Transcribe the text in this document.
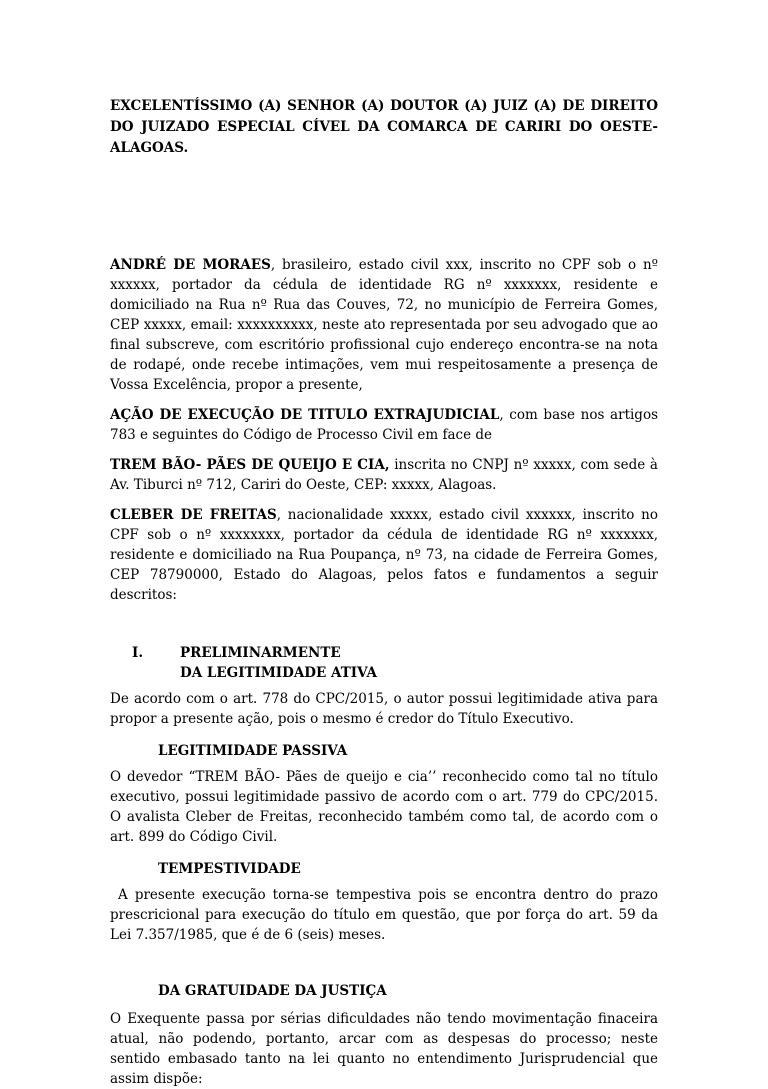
EXCELENTÍSSIMO (A) SENHOR (A) DOUTOR (A) JUIZ (A) DE DIREITO DO JUIZADO ESPECIAL CÍVEL DA COMARCA DE CARIRI DO OESTE- ALAGOAS.

ANDRÉ DE MORAES, brasileiro, estado civil xxx, inscrito no CPF sob o nº xxxxxx, portador da cédula de identidade RG nº xxxxxxx, residente e domiciliado na Rua nº Rua das Couves, 72, no município de Ferreira Gomes, CEP xxxxx, email: xxxxxxxxxx, neste ato representada por seu advogado que ao final subscreve, com escritório profissional cujo endereço encontra-se na nota de rodapé, onde recebe intimações, vem mui respeitosamente a presença de Vossa Excelência, propor a presente,

AÇÃO DE EXECUÇÃO DE TITULO EXTRAJUDICIAL, com base nos artigos 783 e seguintes do Código de Processo Civil em face de

TREM BÃO- PÃES DE QUEIJO E CIA, inscrita no CNPJ nº xxxxx, com sede à Av. Tiburci nº 712, Cariri do Oeste, CEP: xxxxx, Alagoas.

CLEBER DE FREITAS, nacionalidade xxxxx, estado civil xxxxxx, inscrito no CPF sob o nº xxxxxxxx, portador da cédula de identidade RG nº xxxxxxx, residente e domiciliado na Rua Poupança, nº 73, na cidade de Ferreira Gomes, CEP 78790000, Estado do Alagoas, pelos fatos e fundamentos a seguir descritos:

I.	PRELIMINARMENTE
DA LEGITIMIDADE ATIVA

De acordo com o art. 778 do CPC/2015, o autor possui legitimidade ativa para propor a presente ação, pois o mesmo é credor do Título Executivo.

LEGITIMIDADE PASSIVA

O devedor “TREM BÃO- Pães de queijo e cia’’ reconhecido como tal no título executivo, possui legitimidade passivo de acordo com o art. 779 do CPC/2015. O avalista Cleber de Freitas, reconhecido também como tal, de acordo com o art. 899 do Código Civil.

TEMPESTIVIDADE

A presente execução torna-se tempestiva pois se encontra dentro do prazo prescricional para execução do título em questão, que por força do art. 59 da Lei 7.357/1985, que é de 6 (seis) meses.

DA GRATUIDADE DA JUSTIÇA

O Exequente passa por sérias dificuldades não tendo movimentação finaceira atual, não podendo, portanto, arcar com as despesas do processo; neste sentido embasado tanto na lei quanto no entendimento Jurisprudencial que assim dispõe:
